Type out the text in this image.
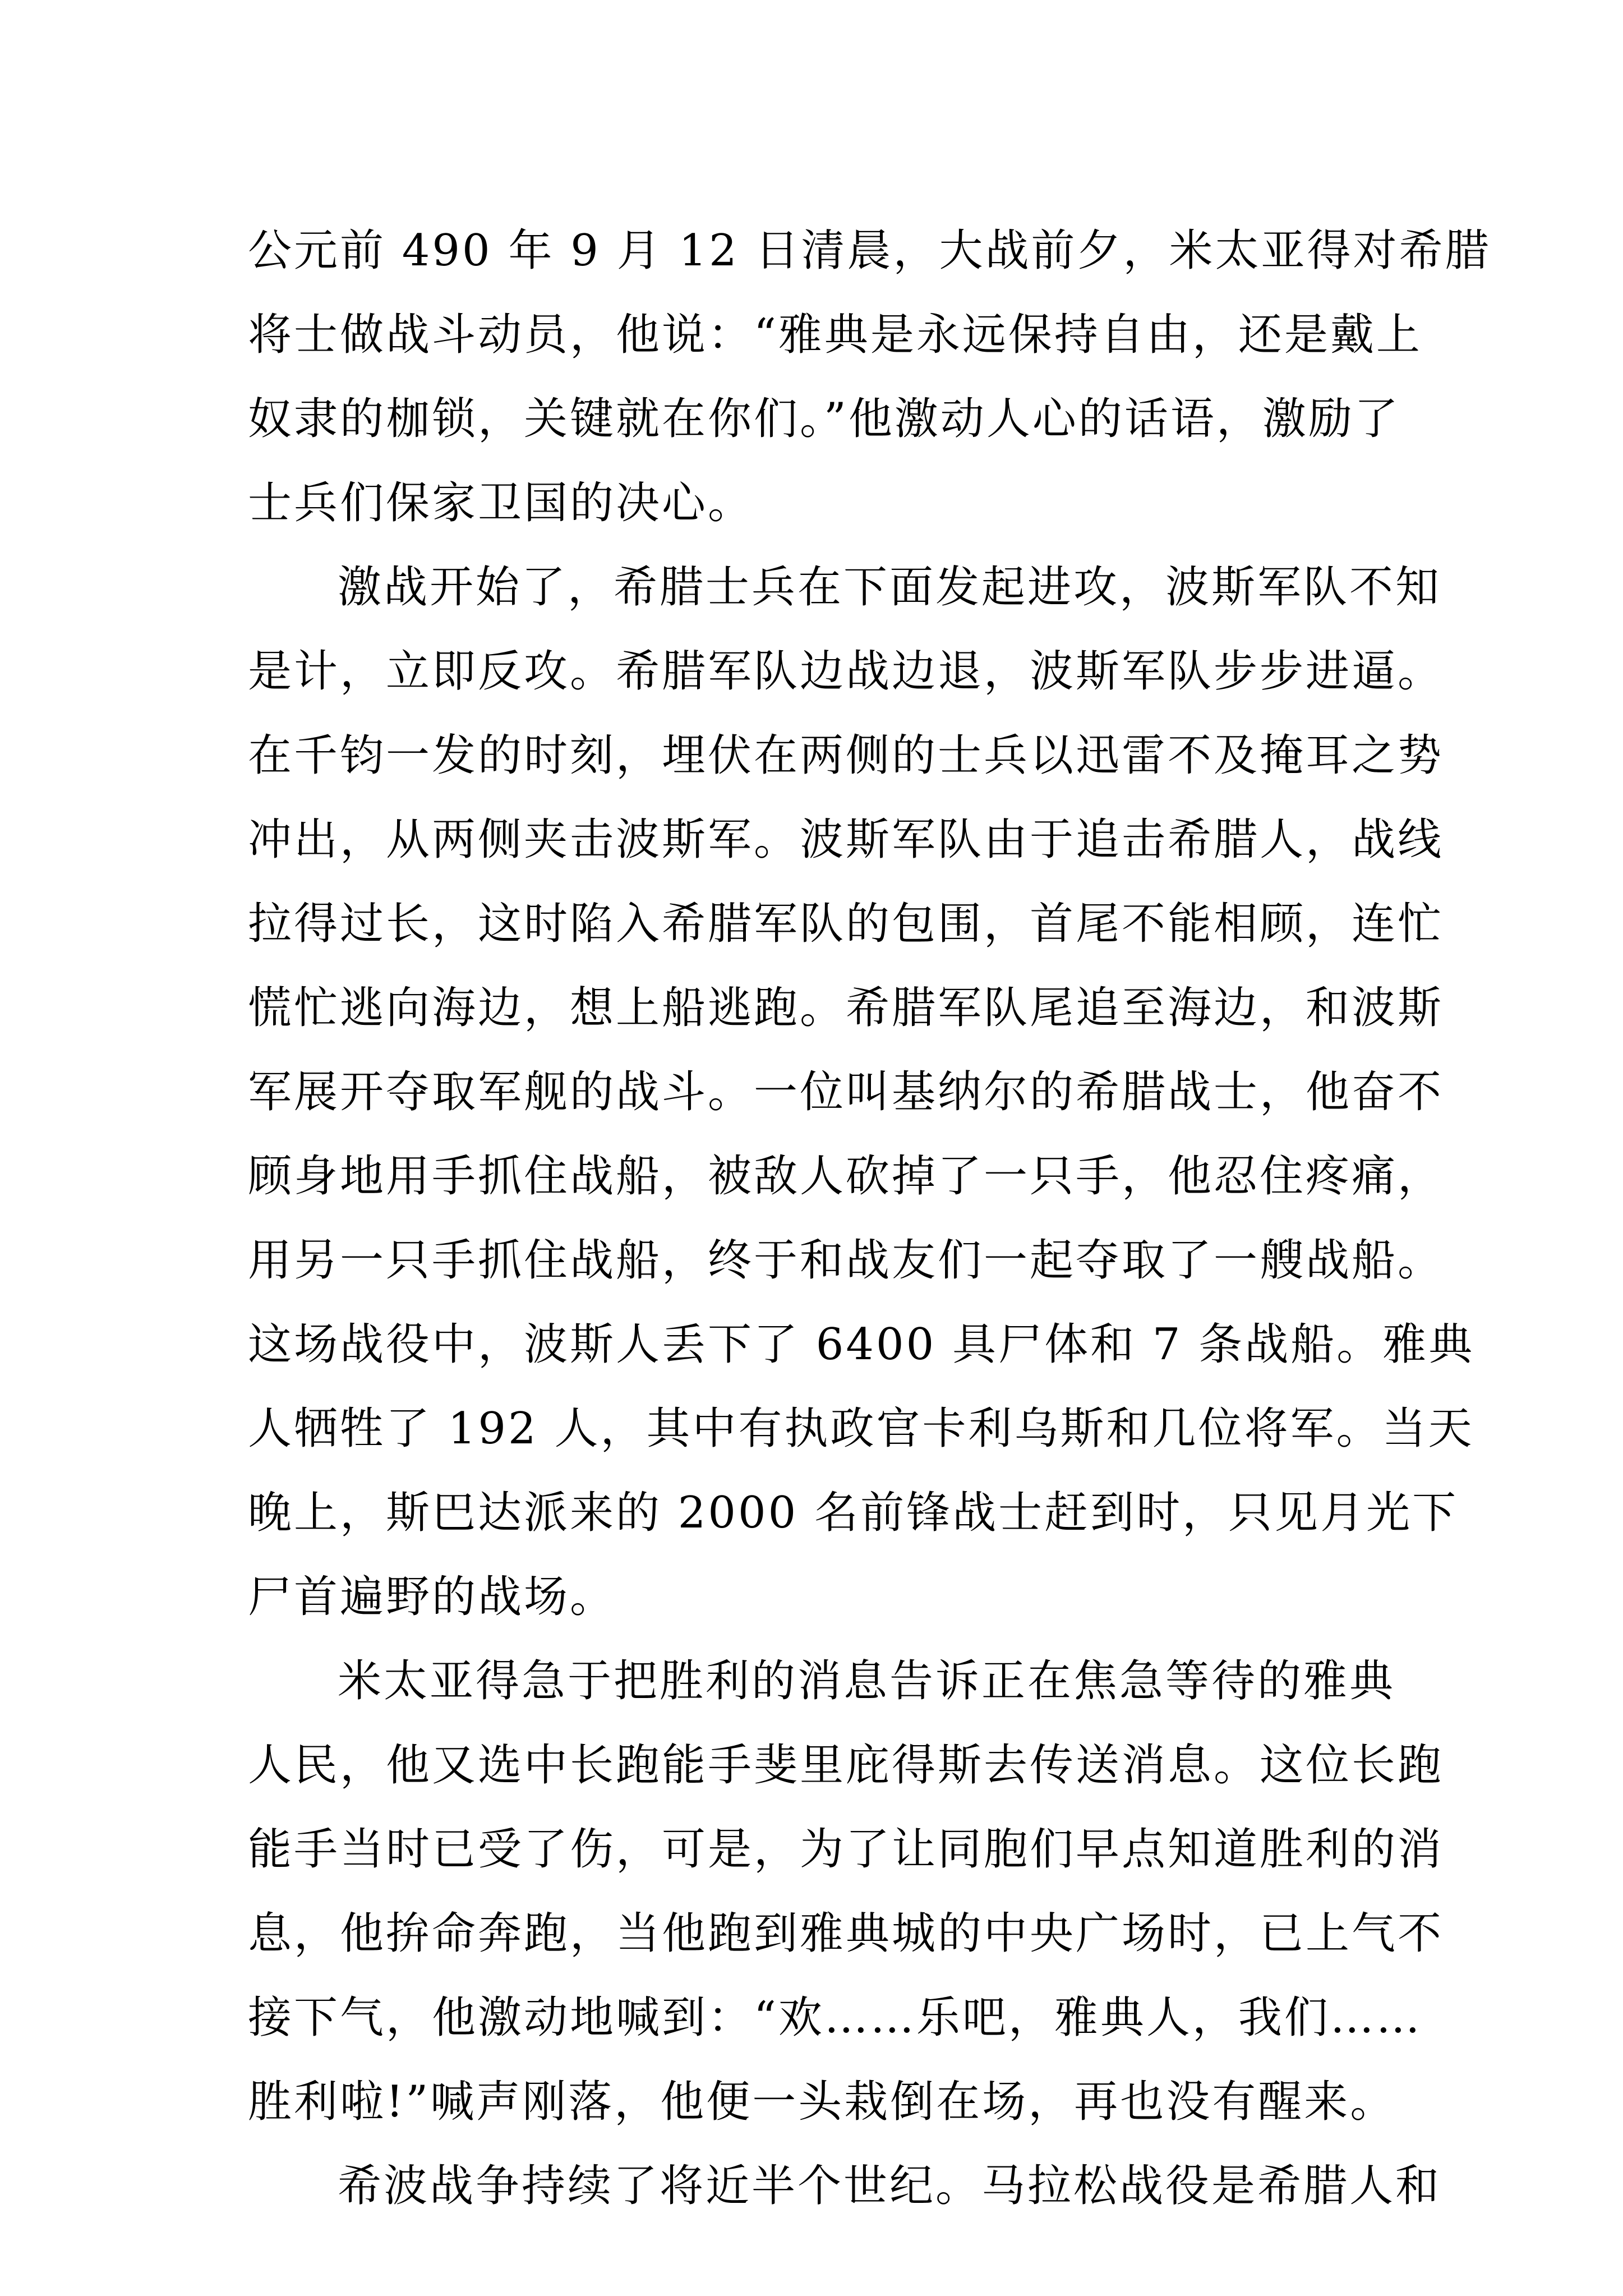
公元前 490 年 9 月 12 日清晨，大战前夕，米太亚得对希腊
将士做战斗动员，他说：“雅典是永远保持自由，还是戴上
奴隶的枷锁，关键就在你们。”他激动人心的话语，激励了
士兵们保家卫国的决心。
激战开始了，希腊士兵在下面发起进攻，波斯军队不知
是计，立即反攻。希腊军队边战边退，波斯军队步步进逼。
在千钧一发的时刻，埋伏在两侧的士兵以迅雷不及掩耳之势
冲出，从两侧夹击波斯军。波斯军队由于追击希腊人，战线
拉得过长，这时陷入希腊军队的包围，首尾不能相顾，连忙
慌忙逃向海边，想上船逃跑。希腊军队尾追至海边，和波斯
军展开夺取军舰的战斗。一位叫基纳尔的希腊战士，他奋不
顾身地用手抓住战船，被敌人砍掉了一只手，他忍住疼痛，
用另一只手抓住战船，终于和战友们一起夺取了一艘战船。
这场战役中，波斯人丢下了 6400 具尸体和 7 条战船。雅典
人牺牲了 192 人，其中有执政官卡利乌斯和几位将军。当天
晚上，斯巴达派来的 2000 名前锋战士赶到时，只见月光下
尸首遍野的战场。
米太亚得急于把胜利的消息告诉正在焦急等待的雅典
人民，他又选中长跑能手斐里庇得斯去传送消息。这位长跑
能手当时已受了伤，可是，为了让同胞们早点知道胜利的消
息，他拚命奔跑，当他跑到雅典城的中央广场时，已上气不
接下气，他激动地喊到：“欢……乐吧，雅典人，我们……
胜利啦!”喊声刚落，他便一头栽倒在场，再也没有醒来。
希波战争持续了将近半个世纪。马拉松战役是希腊人和
